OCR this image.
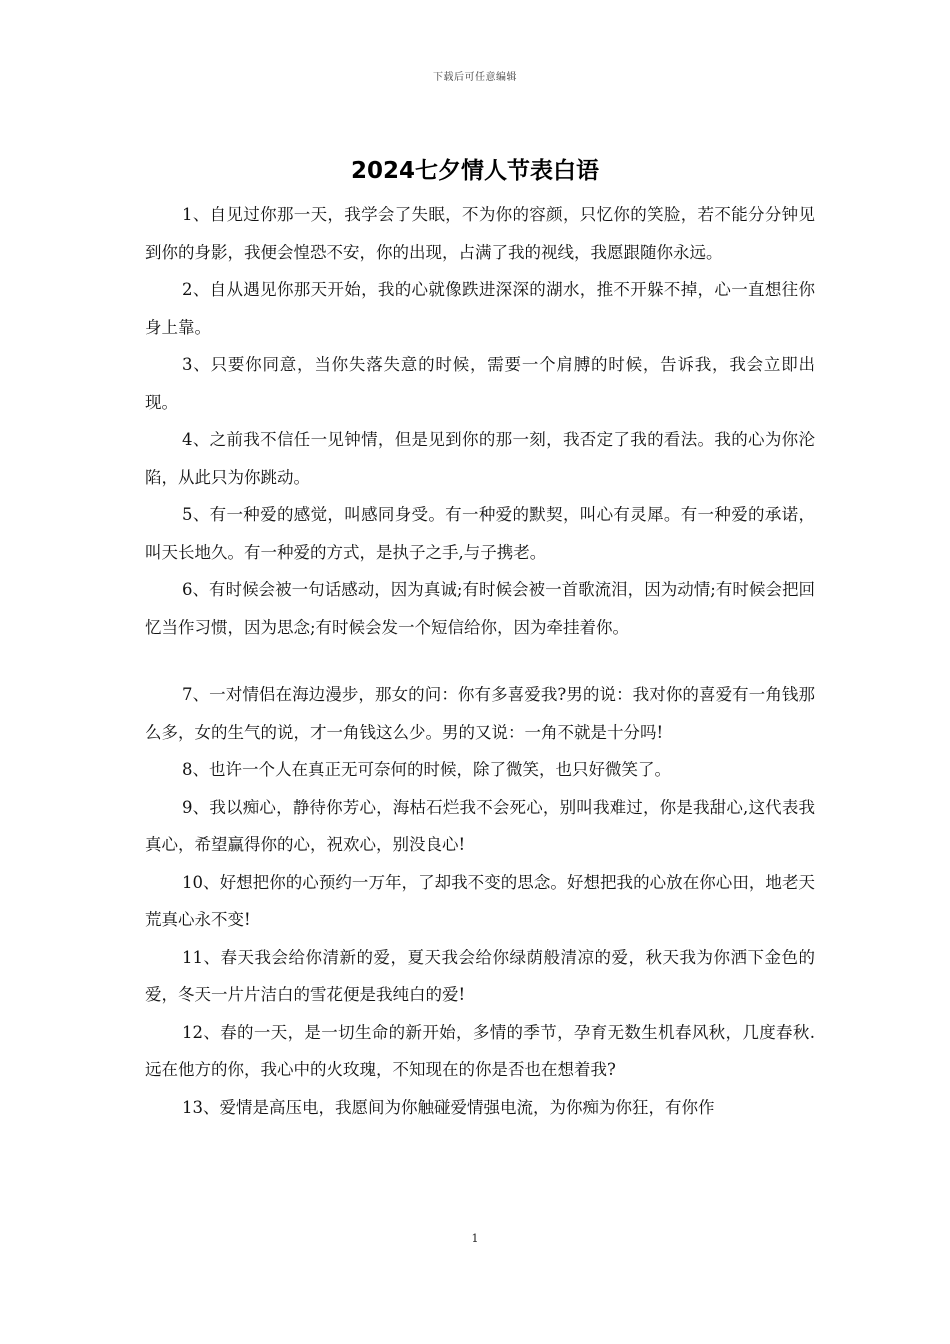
下载后可任意编辑
2024七夕情人节表白语

1、自见过你那一天，我学会了失眠，不为你的容颜，只忆你的笑脸，若不能分分钟见到你的身影，我便会惶恐不安，你的出现，占满了我的视线，我愿跟随你永远。

2、自从遇见你那天开始，我的心就像跌进深深的湖水，推不开躲不掉，心一直想往你身上靠。

3、只要你同意，当你失落失意的时候，需要一个肩膊的时候，告诉我，我会立即出现。

4、之前我不信任一见钟情，但是见到你的那一刻，我否定了我的看法。我的心为你沦陷，从此只为你跳动。

5、有一种爱的感觉，叫感同身受。有一种爱的默契，叫心有灵犀。有一种爱的承诺，叫天长地久。有一种爱的方式，是执子之手,与子携老。

6、有时候会被一句话感动，因为真诚;有时候会被一首歌流泪，因为动情;有时候会把回忆当作习惯，因为思念;有时候会发一个短信给你，因为牵挂着你。

7、一对情侣在海边漫步，那女的问：你有多喜爱我?男的说：我对你的喜爱有一角钱那么多，女的生气的说，才一角钱这么少。男的又说：一角不就是十分吗!

8、也许一个人在真正无可奈何的时候，除了微笑，也只好微笑了。

9、我以痴心，静待你芳心，海枯石烂我不会死心，别叫我难过，你是我甜心,这代表我真心，希望赢得你的心，祝欢心，别没良心!

10、好想把你的心预约一万年，了却我不变的思念。好想把我的心放在你心田，地老天荒真心永不变!

11、春天我会给你清新的爱，夏天我会给你绿荫般清凉的爱，秋天我为你洒下金色的爱，冬天一片片洁白的雪花便是我纯白的爱!

12、春的一天，是一切生命的新开始，多情的季节，孕育无数生机春风秋，几度春秋.远在他方的你，我心中的火玫瑰，不知现在的你是否也在想着我?

13、爱情是高压电，我愿间为你触碰爱情强电流，为你痴为你狂，有你作

1
